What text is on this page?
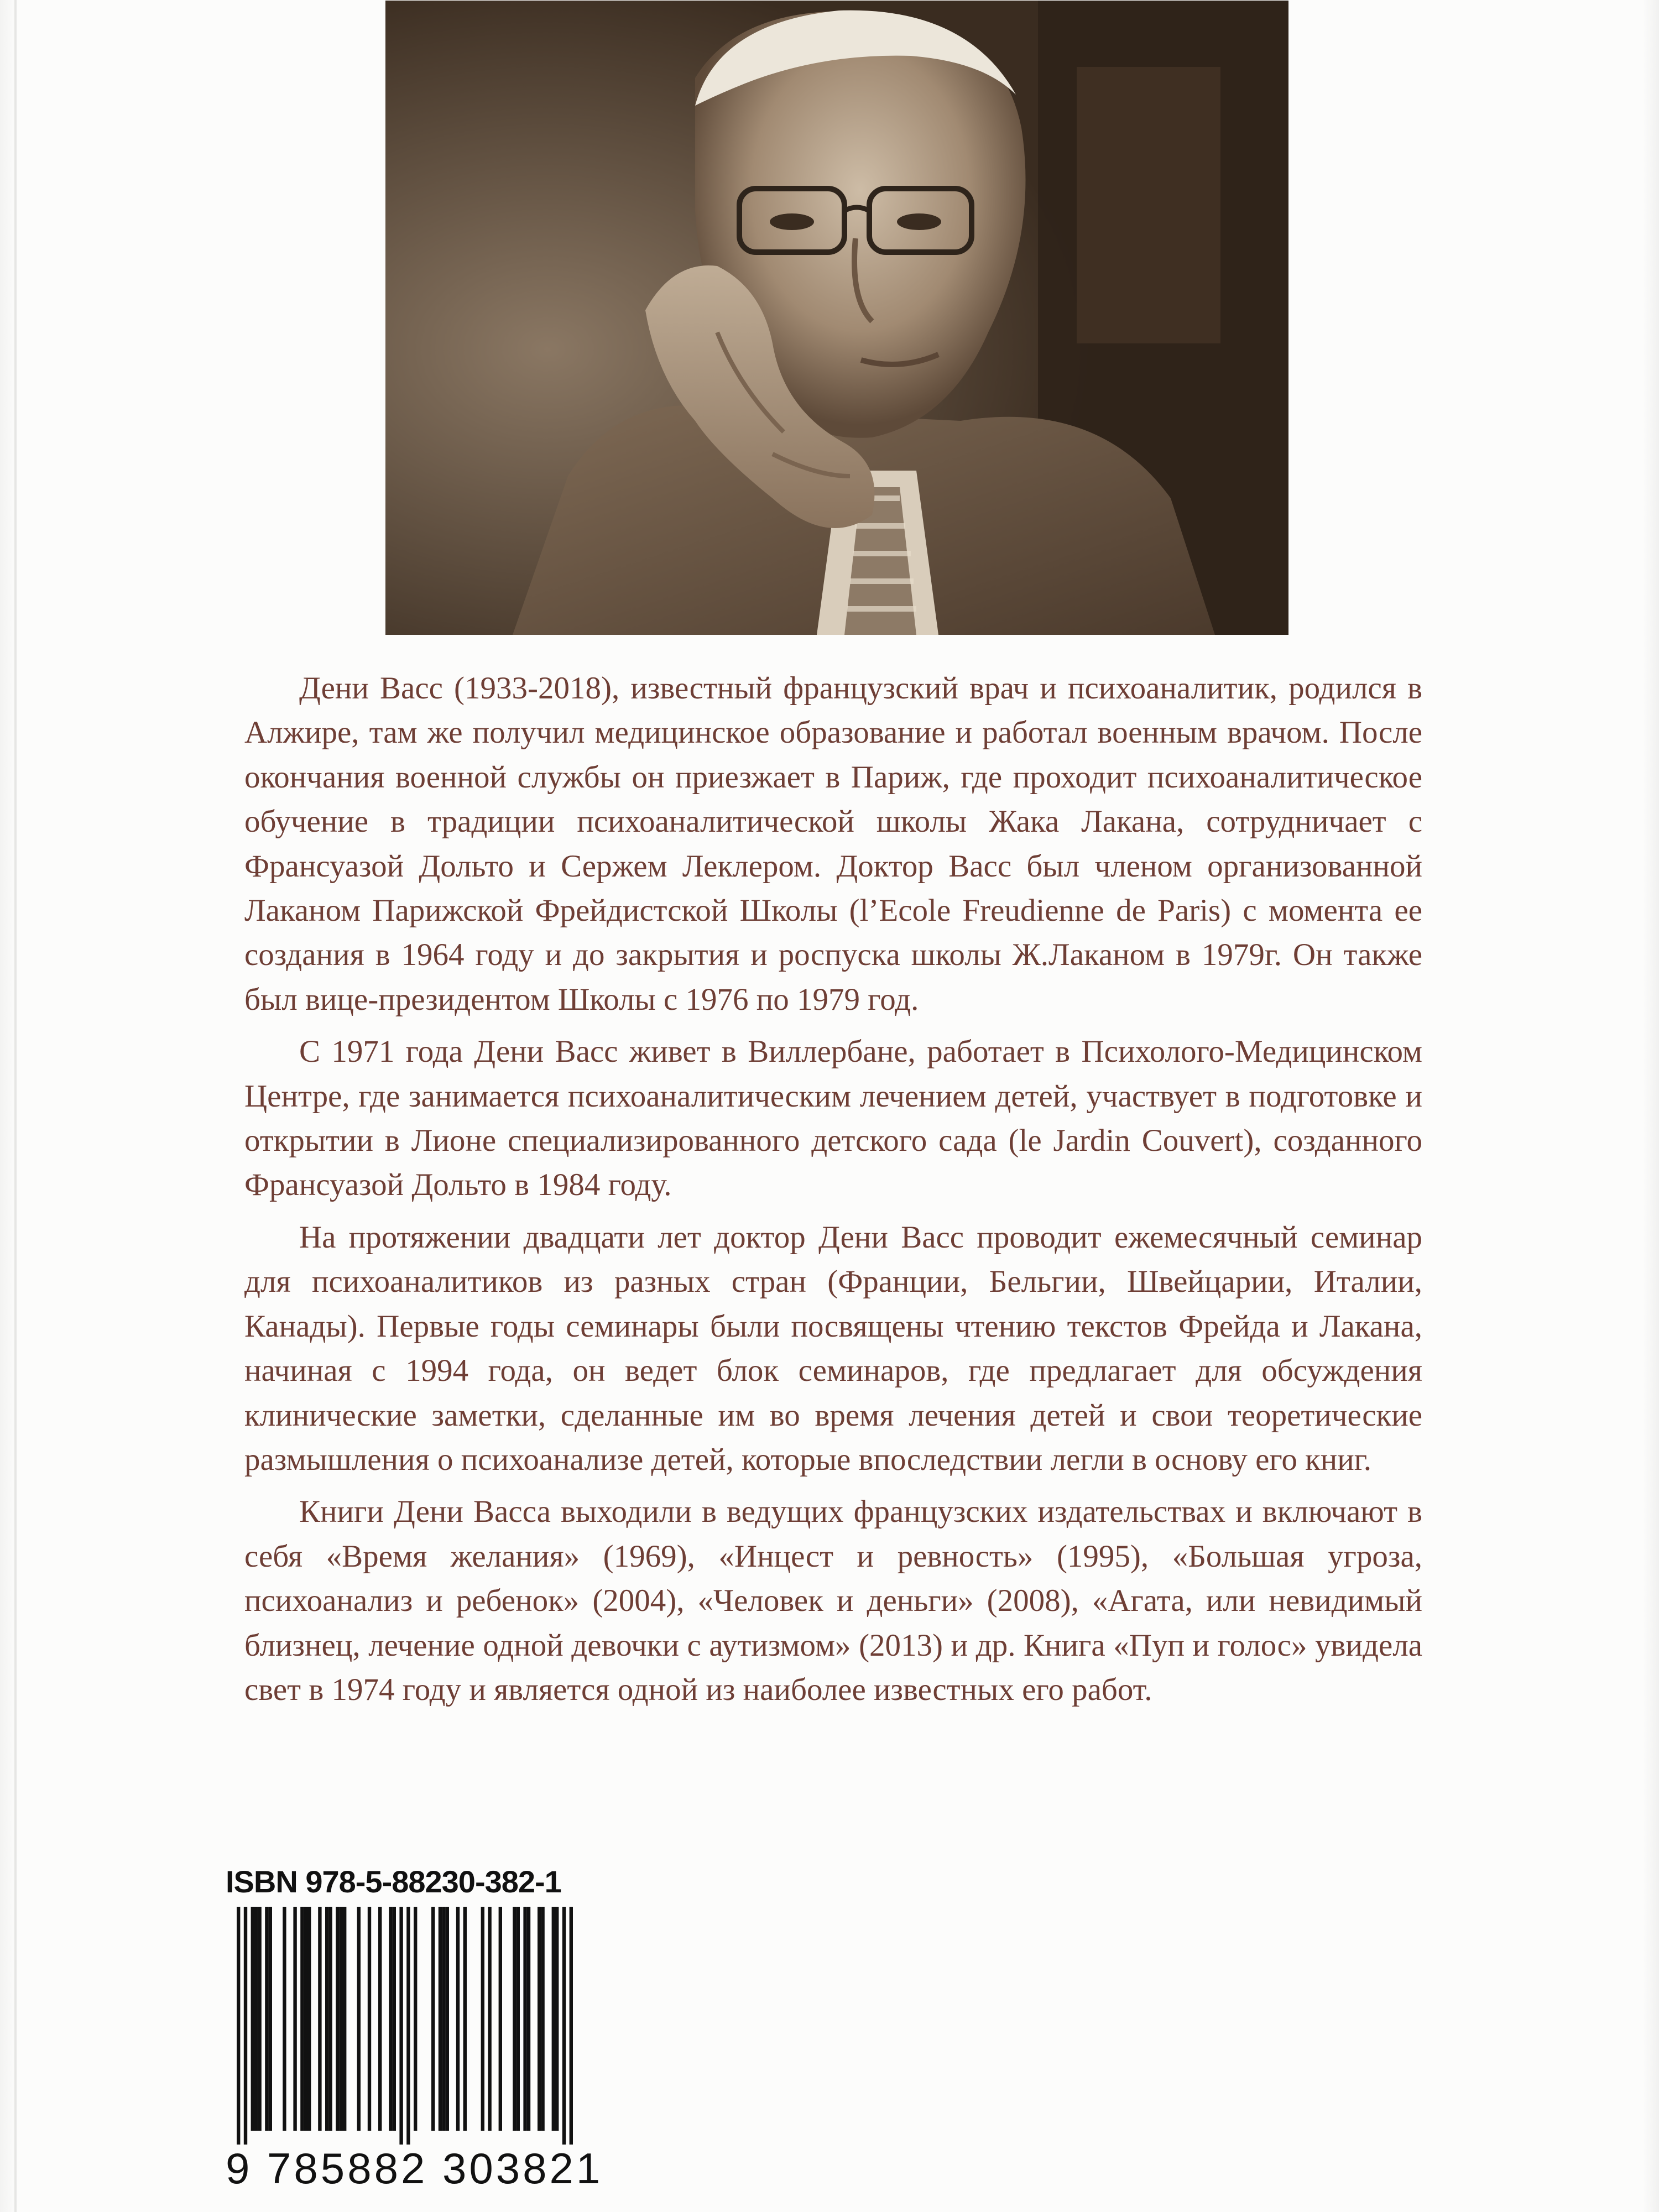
Дени Васс (1933-2018), известный французский врач и психоаналитик, родился в Алжире, там же получил медицинское образование и работал военным врачом. После окончания военной службы он приезжает в Париж, где проходит психоаналитическое обучение в традиции психоаналитической школы Жака Лакана, сотрудничает с Франсуазой Дольто и Сержем Леклером. Доктор Васс был членом организованной Лаканом Парижской Фрейдистской Школы (l’Ecole Freudienne de Paris) с момента ее создания в 1964 году и до закрытия и роспуска школы Ж.Лаканом в 1979г. Он также был вице-президентом Школы с 1976 по 1979 год.

С 1971 года Дени Васс живет в Виллербане, работает в Психолого-Медицинском Центре, где занимается психоаналитическим лечением детей, участвует в подготовке и открытии в Лионе специализированного детского сада (le Jardin Couvert), созданного Франсуазой Дольто в 1984 году.

На протяжении двадцати лет доктор Дени Васс проводит ежемесячный семинар для психоаналитиков из разных стран (Франции, Бельгии, Швейцарии, Италии, Канады). Первые годы семинары были посвящены чтению текстов Фрейда и Лакана, начиная с 1994 года, он ведет блок семинаров, где предлагает для обсуждения клинические заметки, сделанные им во время лечения детей и свои теоретические размышления о психоанализе детей, которые впоследствии легли в основу его книг.

Книги Дени Васса выходили в ведущих французских издательствах и включают в себя «Время желания» (1969), «Инцест и ревность» (1995), «Большая угроза, психоанализ и ребенок» (2004), «Человек и деньги» (2008), «Агата, или невидимый близнец, лечение одной девочки с аутизмом» (2013) и др. Книга «Пуп и голос» увидела свет в 1974 году и является одной из наиболее известных его работ.

ISBN 978-5-88230-382-1
9 785882 303821
